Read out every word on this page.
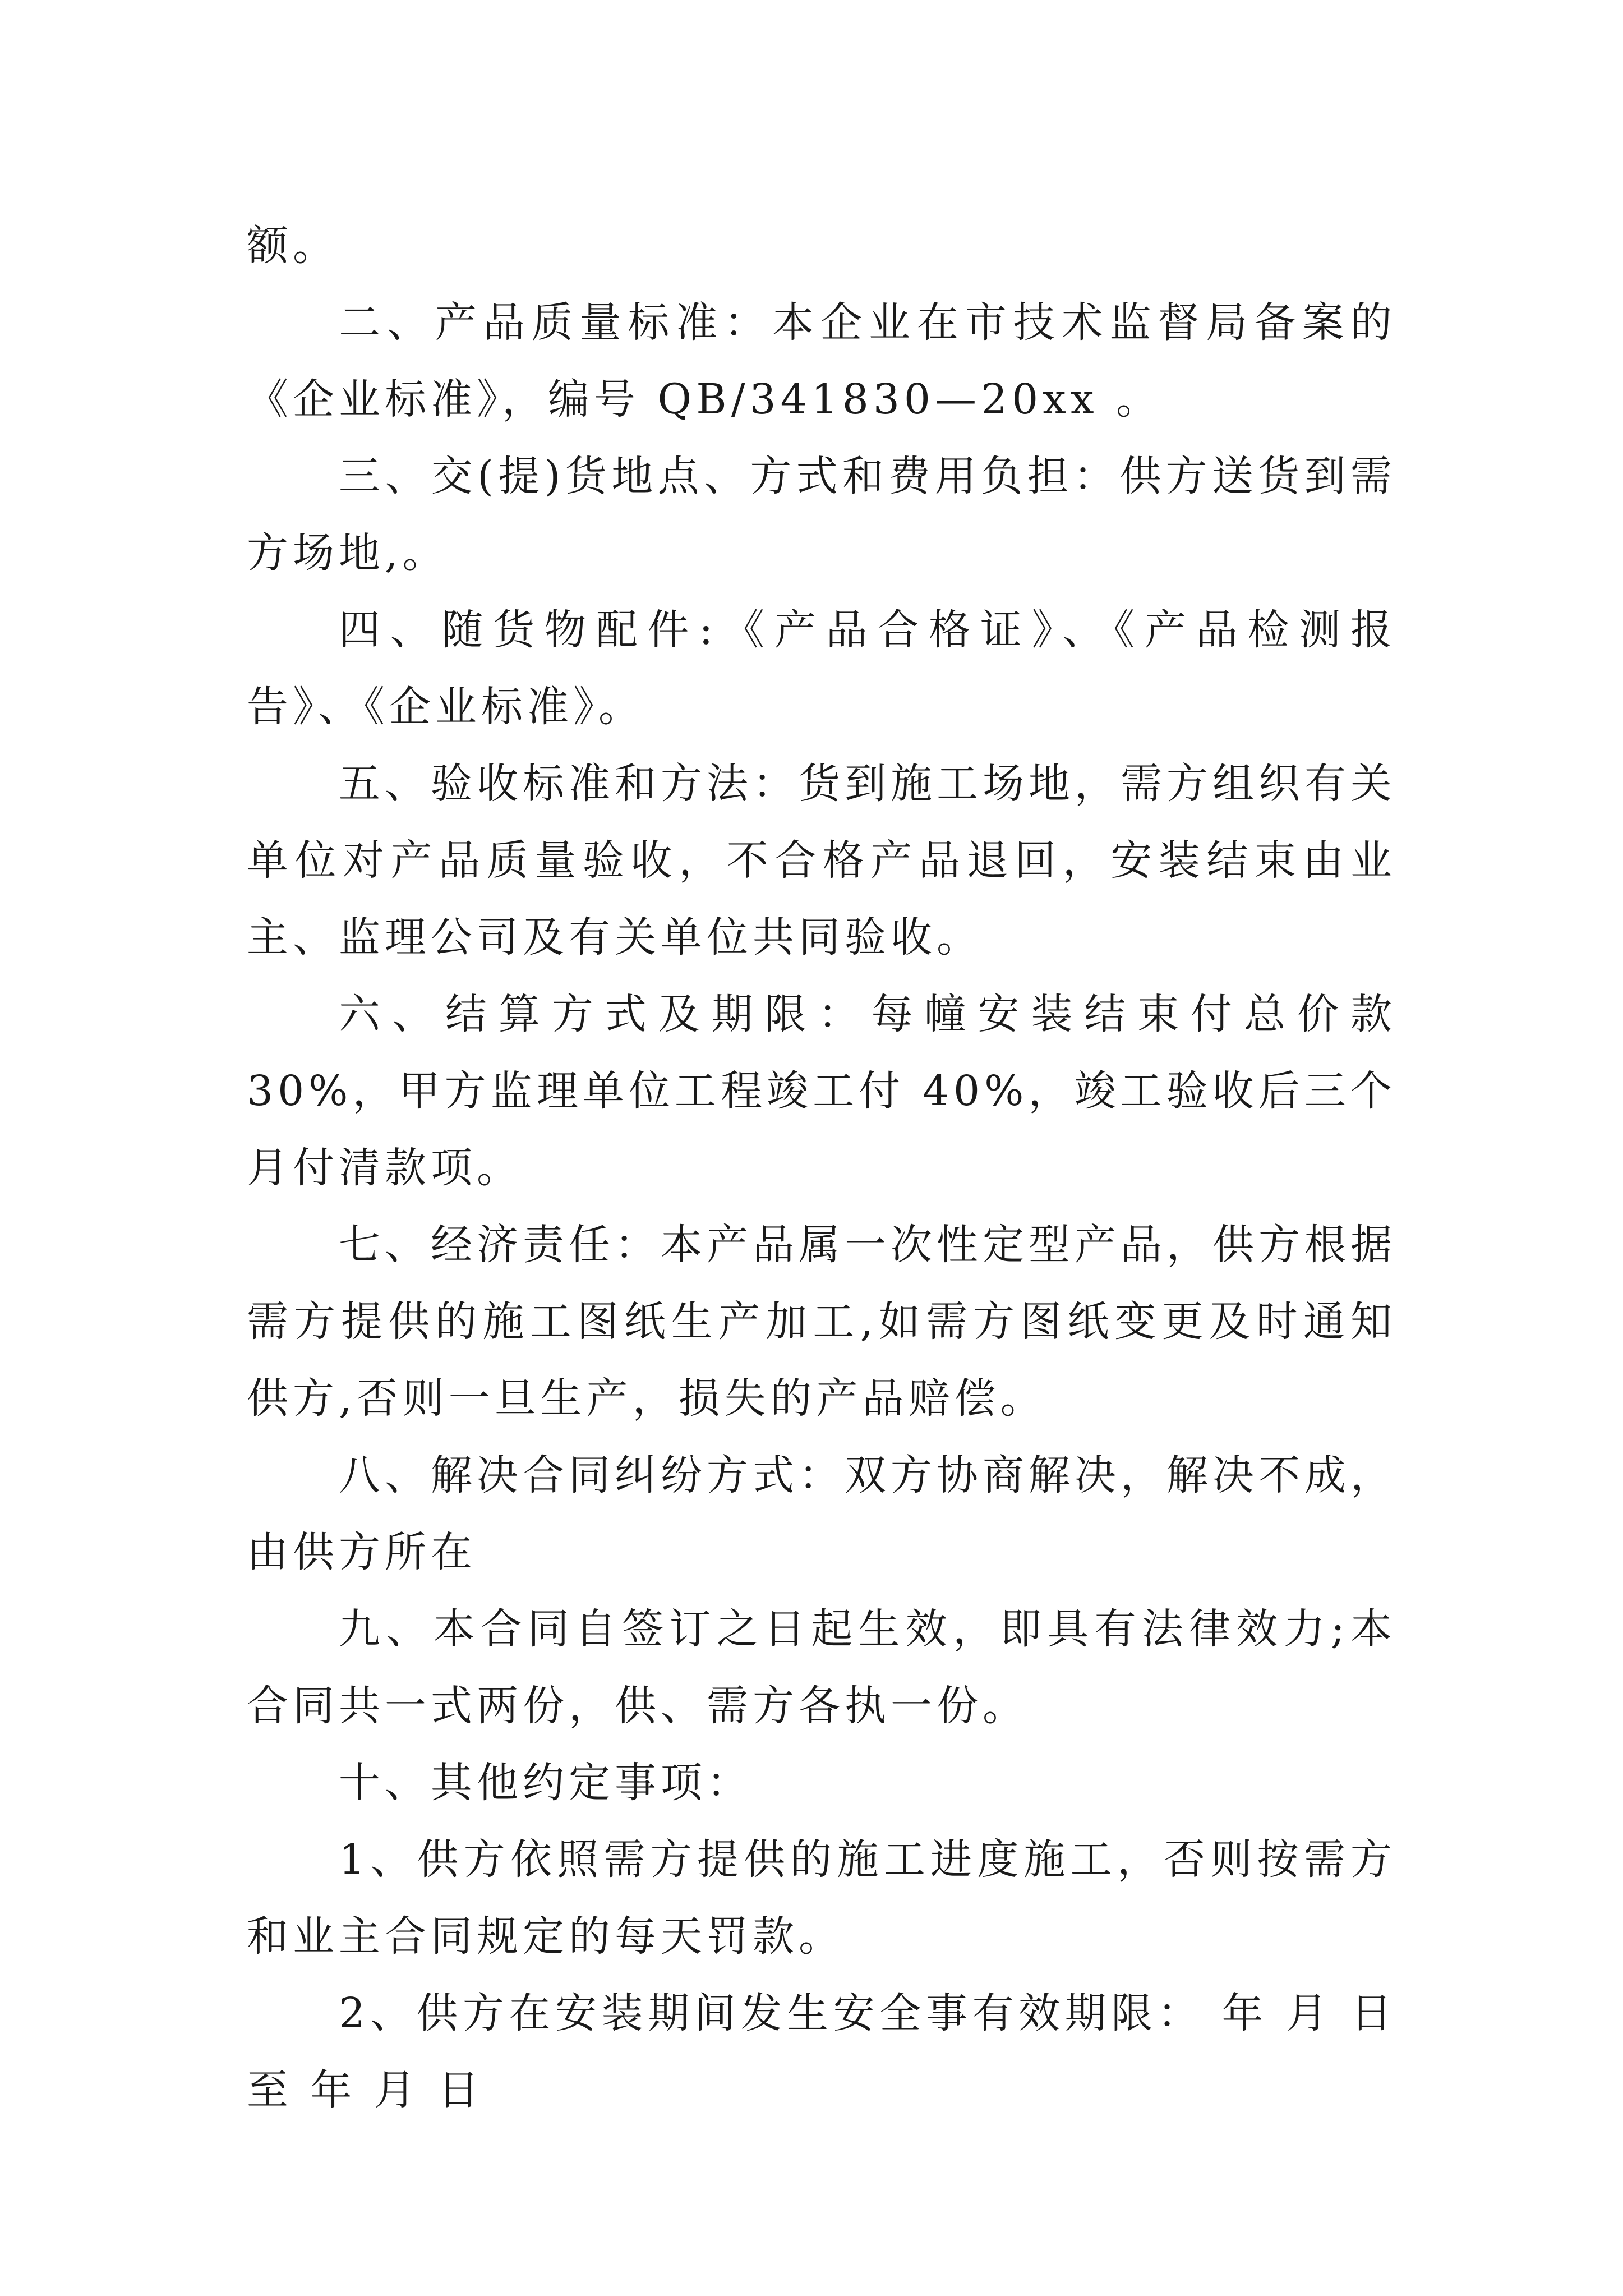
额。

二、产品质量标准：本企业在市技术监督局备案的《企业标准》，编号 QB/341830—20xx 。

三、交(提)货地点、方式和费用负担：供方送货到需方场地,。

四、随货物配件:《产品合格证》、《产品检测报告》、《企业标准》。

五、验收标准和方法：货到施工场地，需方组织有关单位对产品质量验收，不合格产品退回，安装结束由业主、监理公司及有关单位共同验收。

六、结算方式及期限：每幢安装结束付总价款 30%，甲方监理单位工程竣工付 40%，竣工验收后三个月付清款项。

七、经济责任：本产品属一次性定型产品，供方根据需方提供的施工图纸生产加工,如需方图纸变更及时通知供方,否则一旦生产，损失的产品赔偿。

八、解决合同纠纷方式：双方协商解决，解决不成，由供方所在

九、本合同自签订之日起生效，即具有法律效力;本合同共一式两份，供、需方各执一份。

十、其他约定事项：

1、供方依照需方提供的施工进度施工，否则按需方和业主合同规定的每天罚款。

2、供方在安装期间发生安全事有效期限： 年 月 日至 年 月 日
